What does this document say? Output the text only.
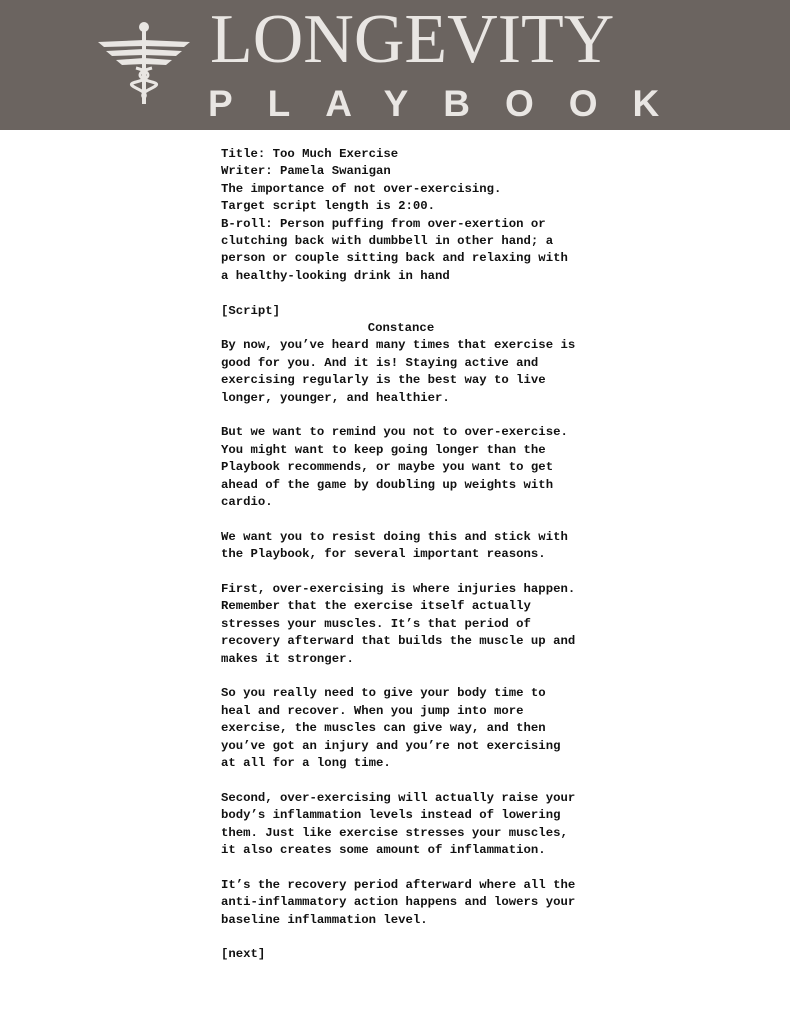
LONGEVITY
PLAYBOOK
Title: Too Much Exercise
Writer: Pamela Swanigan
The importance of not over-exercising.
Target script length is 2:00.
B-roll: Person puffing from over-exertion or clutching back with dumbbell in other hand; a person or couple sitting back and relaxing with a healthy-looking drink in hand
[Script]
Constance
By now, you’ve heard many times that exercise is good for you. And it is! Staying active and exercising regularly is the best way to live longer, younger, and healthier.
But we want to remind you not to over-exercise. You might want to keep going longer than the Playbook recommends, or maybe you want to get ahead of the game by doubling up weights with cardio.
We want you to resist doing this and stick with the Playbook, for several important reasons.
First, over-exercising is where injuries happen. Remember that the exercise itself actually stresses your muscles. It’s that period of recovery afterward that builds the muscle up and makes it stronger.
So you really need to give your body time to heal and recover. When you jump into more exercise, the muscles can give way, and then you’ve got an injury and you’re not exercising at all for a long time.
Second, over-exercising will actually raise your body’s inflammation levels instead of lowering them. Just like exercise stresses your muscles, it also creates some amount of inflammation.
It’s the recovery period afterward where all the anti-inflammatory action happens and lowers your baseline inflammation level.
[next]
